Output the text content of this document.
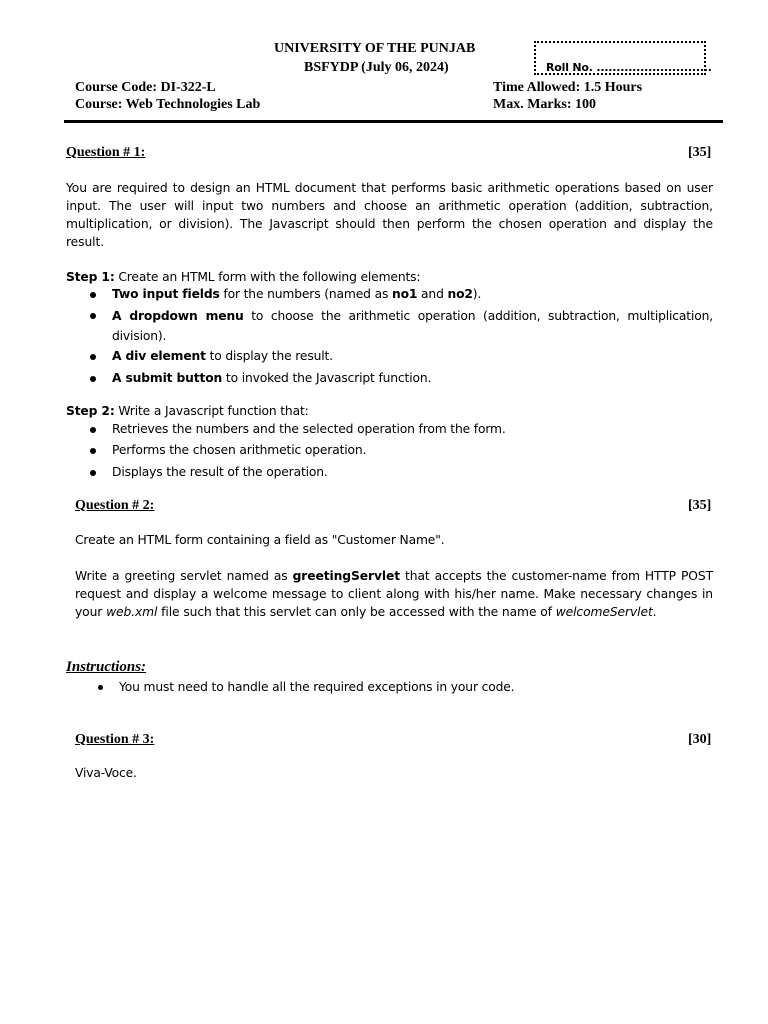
UNIVERSITY OF THE PUNJAB
BSFYDP (July 06, 2024)	Roll No. .............................
Course Code: DI-322-L
Course: Web Technologies Lab
Time Allowed: 1.5 Hours
Max. Marks: 100
Question # 1:	[35]
You are required to design an HTML document that performs basic arithmetic operations based on user input. The user will input two numbers and choose an arithmetic operation (addition, subtraction, multiplication, or division). The Javascript should then perform the chosen operation and display the result.
Step 1: Create an HTML form with the following elements:
Two input fields for the numbers (named as no1 and no2).
A dropdown menu to choose the arithmetic operation (addition, subtraction, multiplication, division).
A div element to display the result.
A submit button to invoked the Javascript function.
Step 2: Write a Javascript function that:
Retrieves the numbers and the selected operation from the form.
Performs the chosen arithmetic operation.
Displays the result of the operation.
Question # 2:	[35]
Create an HTML form containing a field as "Customer Name".
Write a greeting servlet named as greetingServlet that accepts the customer-name from HTTP POST request and display a welcome message to client along with his/her name. Make necessary changes in your web.xml file such that this servlet can only be accessed with the name of welcomeServlet.
Instructions:
You must need to handle all the required exceptions in your code.
Question # 3:	[30]
Viva-Voce.
